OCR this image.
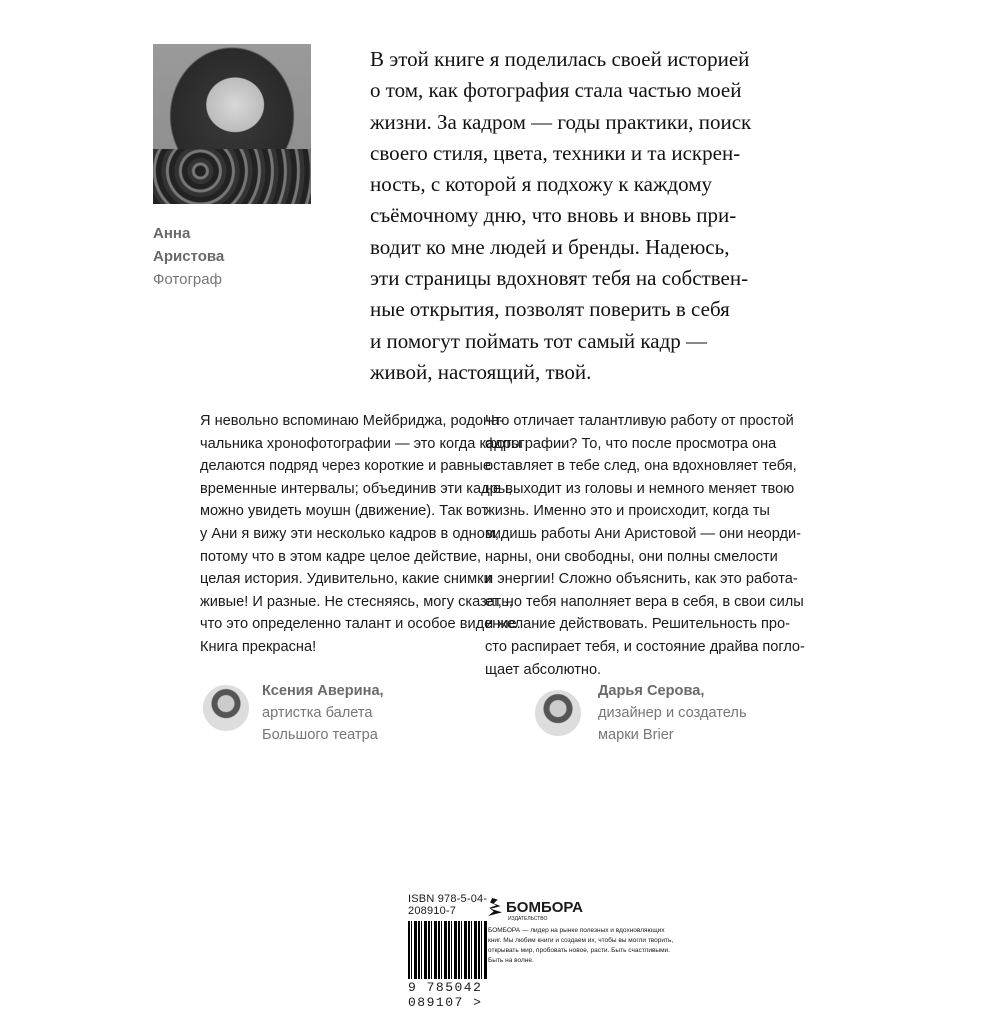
Анна
Аристова
Фотограф
В этой книге я поделилась своей историей
о том, как фотография стала частью моей
жизни. За кадром — годы практики, поиск
своего стиля, цвета, техники и та искрен-
ность, с которой я подхожу к каждому
съёмочному дню, что вновь и вновь при-
водит ко мне людей и бренды. Надеюсь,
эти страницы вдохновят тебя на собствен-
ные открытия, позволят поверить в себя
и помогут поймать тот самый кадр —
живой, настоящий, твой.
Я невольно вспоминаю Мейбриджа, родона-
чальника хронофотографии — это когда кадры
делаются подряд через короткие и равные
временные интервалы; объединив эти кадры,
можно увидеть моушн (движение). Так вот
у Ани я вижу эти несколько кадров в одном,
потому что в этом кадре целое действие,
целая история. Удивительно, какие снимки
живые! И разные. Не стесняясь, могу сказать,
что это определенно талант и особое видение.
Книга прекрасна!
Ксения Аверина,
артистка балета
Большого театра
Что отличает талантливую работу от простой
фотографии? То, что после просмотра она
оставляет в тебе след, она вдохновляет тебя,
не выходит из головы и немного меняет твою
жизнь. Именно это и происходит, когда ты
видишь работы Ани Аристовой — они неорди-
нарны, они свободны, они полны смелости
и энергии! Сложно объяснить, как это работа-
ет, но тебя наполняет вера в себя, в свои силы
и желание действовать. Решительность про-
сто распирает тебя, и состояние драйва поглo-
щает абсолютно.
Дарья Серова,
дизайнер и создатель
марки Brier
ISBN 978-5-04-208910-7
9 785042 089107 >
БОМБОРА
ИЗДАТЕЛЬСТВО
БОМБОРА — лидер на рынке полезных и вдохновляющих книг. Мы любим книги и создаем их, чтобы вы могли творить, открывать мир, пробовать новое, расти. Быть счастливыми. Быть на волне.
